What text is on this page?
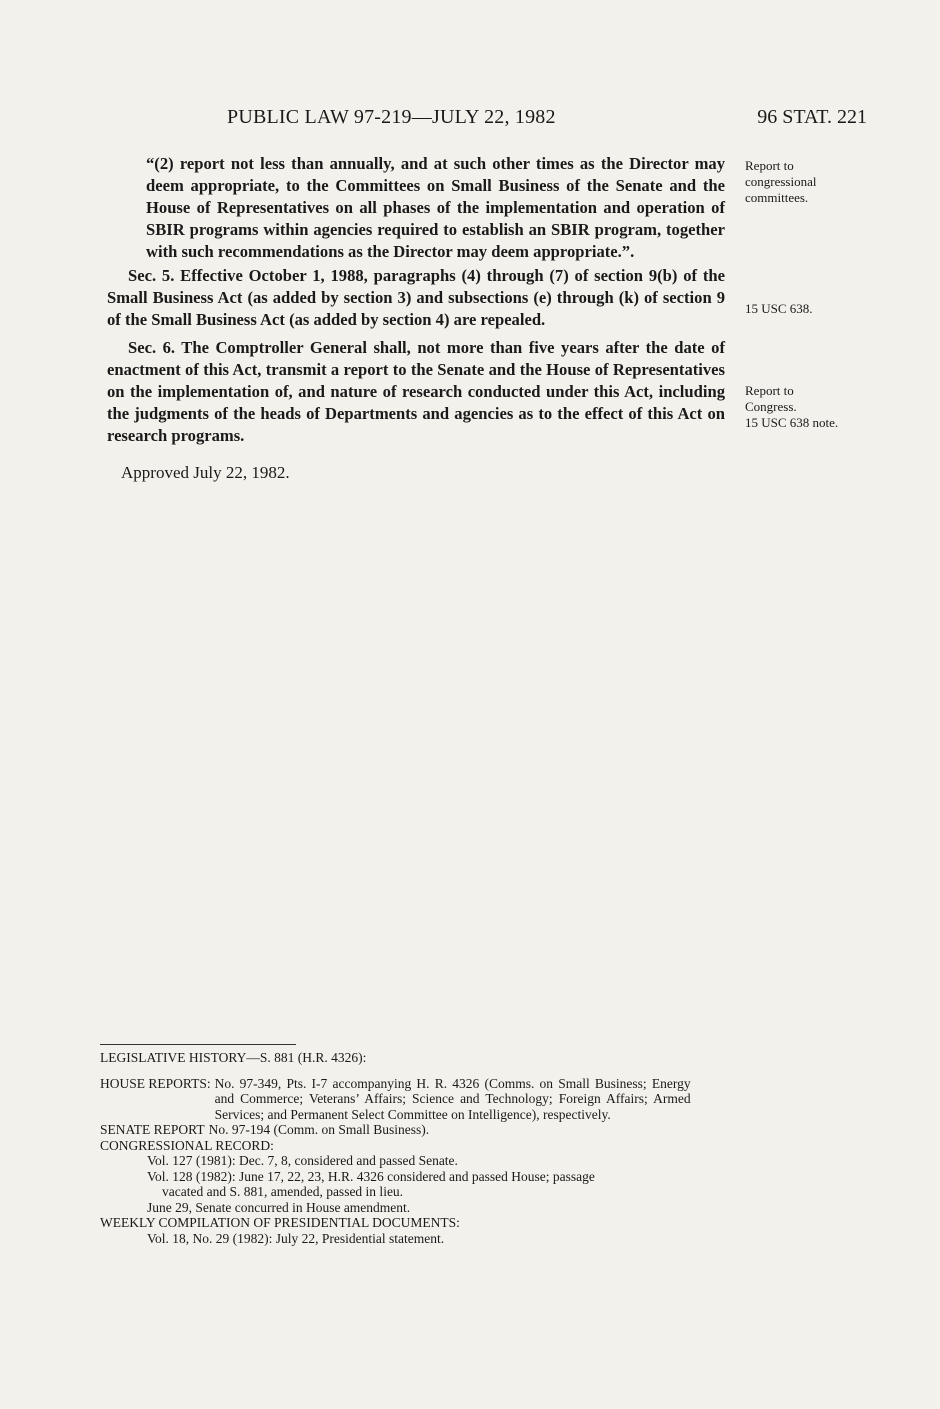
PUBLIC LAW 97-219—JULY 22, 1982	96 STAT. 221

“(2) report not less than annually, and at such other times as the Director may deem appropriate, to the Committees on Small Business of the Senate and the House of Representatives on all phases of the implementation and operation of SBIR programs within agencies required to establish an SBIR program, together with such recommendations as the Director may deem appropriate.”.

Sec. 5. Effective October 1, 1988, paragraphs (4) through (7) of section 9(b) of the Small Business Act (as added by section 3) and subsections (e) through (k) of section 9 of the Small Business Act (as added by section 4) are repealed.

Sec. 6. The Comptroller General shall, not more than five years after the date of enactment of this Act, transmit a report to the Senate and the House of Representatives on the implementation of, and nature of research conducted under this Act, including the judgments of the heads of Departments and agencies as to the effect of this Act on research programs.

Approved July 22, 1982.

Report to
congressional
committees.
15 USC 638.
Report to
Congress.
15 USC 638 note.
LEGISLATIVE HISTORY—S. 881 (H.R. 4326):
HOUSE REPORTS: No. 97-349, Pts. I-7 accompanying H. R. 4326 (Comms. on Small Business; Energy and Commerce; Veterans’ Affairs; Science and Technology; Foreign Affairs; Armed Services; and Permanent Select Committee on Intelligence), respectively.
SENATE REPORT No. 97-194 (Comm. on Small Business).
CONGRESSIONAL RECORD:
Vol. 127 (1981): Dec. 7, 8, considered and passed Senate.
Vol. 128 (1982): June 17, 22, 23, H.R. 4326 considered and passed House; passage
vacated and S. 881, amended, passed in lieu.
June 29, Senate concurred in House amendment.
WEEKLY COMPILATION OF PRESIDENTIAL DOCUMENTS:
Vol. 18, No. 29 (1982): July 22, Presidential statement.
